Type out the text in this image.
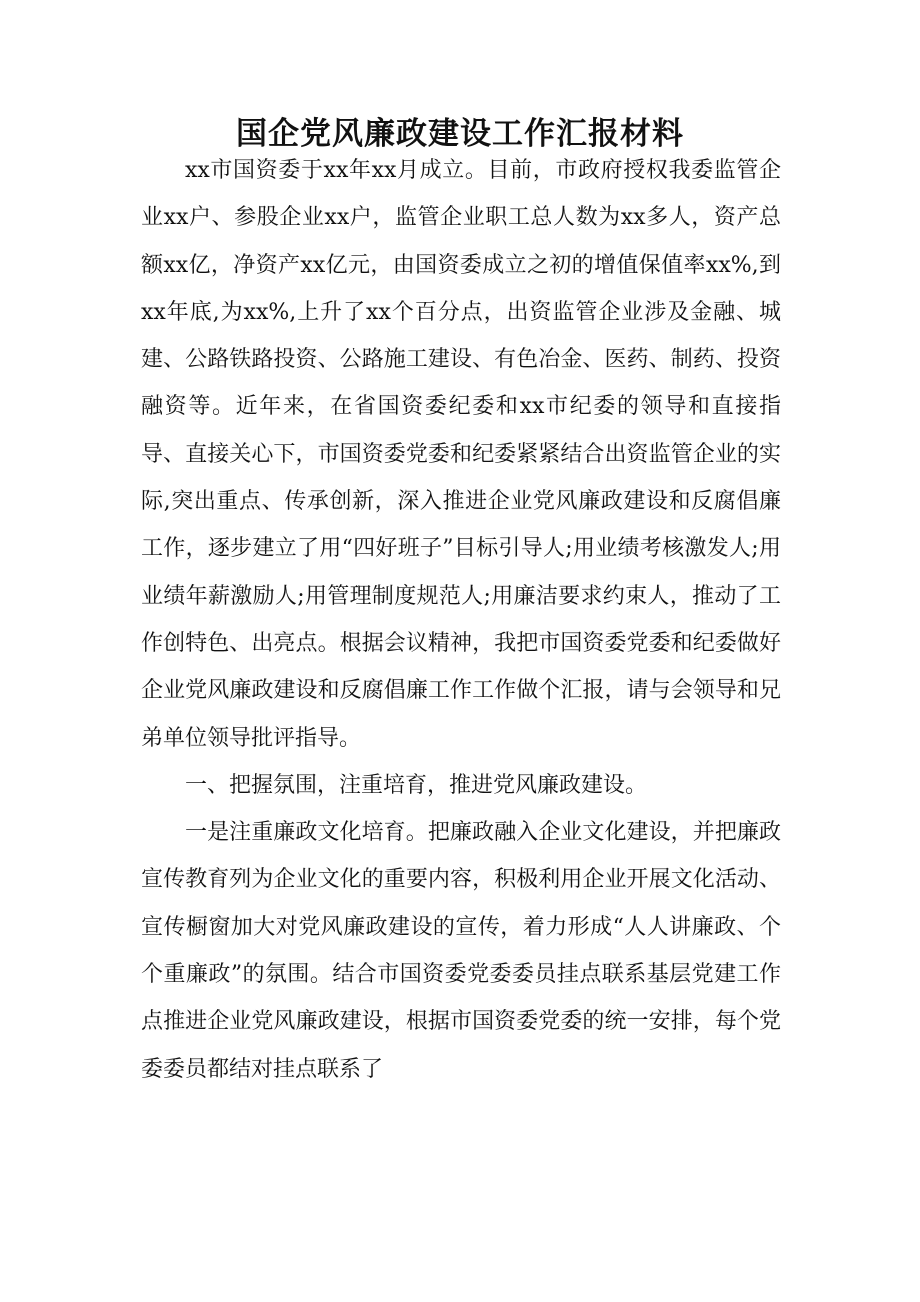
国企党风廉政建设工作汇报材料

xx市国资委于xx年xx月成立。目前，市政府授权我委监管企业xx户、参股企业xx户，监管企业职工总人数为xx多人，资产总额xx亿，净资产xx亿元，由国资委成立之初的增值保值率xx%,到xx年底,为xx%,上升了xx个百分点，出资监管企业涉及金融、城建、公路铁路投资、公路施工建设、有色冶金、医药、制药、投资融资等。近年来，在省国资委纪委和xx市纪委的领导和直接指导、直接关心下，市国资委党委和纪委紧紧结合出资监管企业的实际,突出重点、传承创新，深入推进企业党风廉政建设和反腐倡廉工作，逐步建立了用“四好班子”目标引导人;用业绩考核激发人;用业绩年薪激励人;用管理制度规范人;用廉洁要求约束人，推动了工作创特色、出亮点。根据会议精神，我把市国资委党委和纪委做好企业党风廉政建设和反腐倡廉工作工作做个汇报，请与会领导和兄弟单位领导批评指导。

一、把握氛围，注重培育，推进党风廉政建设。

一是注重廉政文化培育。把廉政融入企业文化建设，并把廉政宣传教育列为企业文化的重要内容，积极利用企业开展文化活动、宣传橱窗加大对党风廉政建设的宣传，着力形成“人人讲廉政、个个重廉政”的氛围。结合市国资委党委委员挂点联系基层党建工作点推进企业党风廉政建设，根据市国资委党委的统一安排，每个党委委员都结对挂点联系了
